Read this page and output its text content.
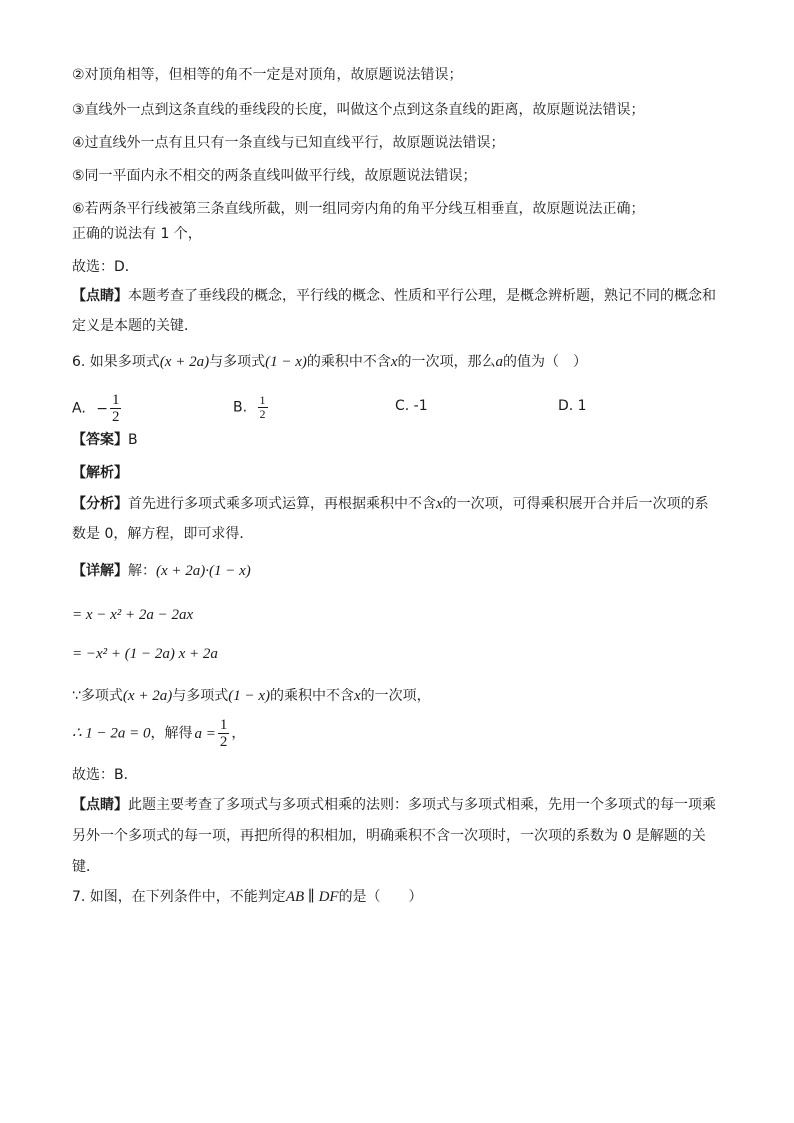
②对顶角相等，但相等的角不一定是对顶角，故原题说法错误；
③直线外一点到这条直线的垂线段的长度，叫做这个点到这条直线的距离，故原题说法错误；
④过直线外一点有且只有一条直线与已知直线平行，故原题说法错误；
⑤同一平面内永不相交的两条直线叫做平行线，故原题说法错误；
⑥若两条平行线被第三条直线所截，则一组同旁内角的角平分线互相垂直，故原题说法正确；
正确的说法有 1 个，
故选：D．
【点睛】本题考查了垂线段的概念，平行线的概念、性质和平行公理，是概念辨析题，熟记不同的概念和
定义是本题的关键．
6. 如果多项式(x + 2a)与多项式(1 − x)的乘积中不含x的一次项，那么a的值为（　）
A. − $\frac{1}{2}$	B. $\frac{1}{2}$	C. -1	D. 1
【答案】B
【解析】
【分析】首先进行多项式乘多项式运算，再根据乘积中不含x的一次项，可得乘积展开合并后一次项的系
数是 0，解方程，即可求得．
【详解】解：(x + 2a)·(1 − x)
= x − x² + 2a − 2ax
= −x² + (1 − 2a) x + 2a
∵多项式(x + 2a)与多项式(1 − x)的乘积中不含x的一次项，
∴ 1 − 2a = 0，解得 $a = \frac{1}{2}$ ，
故选：B．
【点睛】此题主要考查了多项式与多项式相乘的法则：多项式与多项式相乘，先用一个多项式的每一项乘
另外一个多项式的每一项，再把所得的积相加，明确乘积不含一次项时，一次项的系数为 0 是解题的关
键．
7. 如图，在下列条件中，不能判定AB ∥ DF的是（　　）
